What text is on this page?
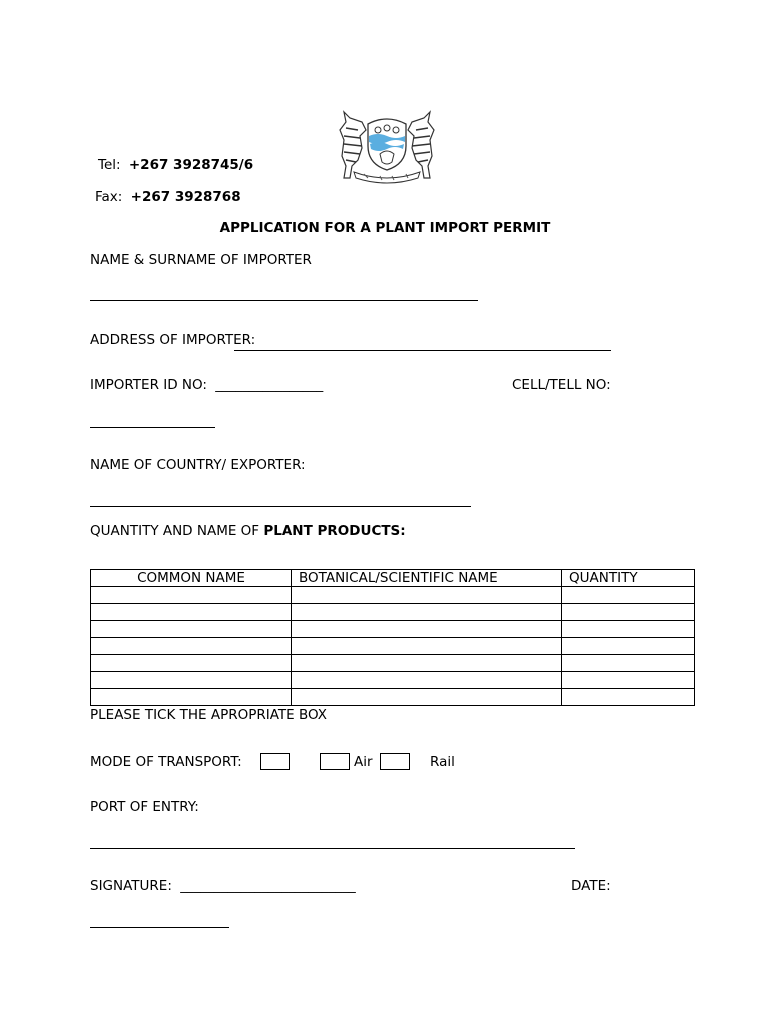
Tel: +267 3928745/6
Fax: +267 3928768
APPLICATION FOR A PLANT IMPORT PERMIT
NAME & SURNAME OF IMPORTER
ADDRESS OF IMPORTER:
IMPORTER ID NO: ________________	CELL/TELL NO:
NAME OF COUNTRY/ EXPORTER:
QUANTITY AND NAME OF PLANT PRODUCTS:
COMMON NAME	BOTANICAL/SCIENTIFIC NAME	QUANTITY

PLEASE TICK THE APROPRIATE BOX
MODE OF TRANSPORT:	Air	Rail
PORT OF ENTRY:
SIGNATURE: __________________________	DATE:
